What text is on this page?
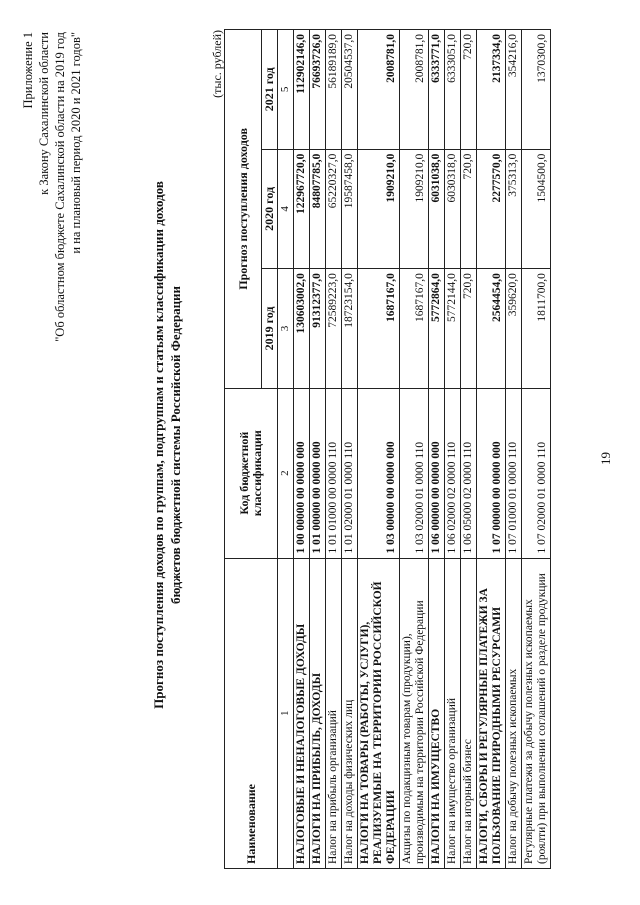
19
Приложение 1 к Закону Сахалинской области "Об областном бюджете Сахалинской области на 2019 год и на плановый период 2020 и 2021 годов"
Прогноз поступления доходов по группам, подгруппам и статьям классификации доходов бюджетов бюджетной системы Российской Федерации
(тыс. рублей)
Наименование	Код бюджетной классификации	Прогноз поступления доходов		
		2019 год	2020 год	2021 год
1	2	3	4	5
НАЛОГОВЫЕ И НЕНАЛОГОВЫЕ ДОХОДЫ	1 00 00000 00 0000 000	130603002,0	122967720,0	112902146,0
НАЛОГИ НА ПРИБЫЛЬ, ДОХОДЫ	1 01 00000 00 0000 000	91312377,0	84807785,0	76693726,0
Налог на прибыль организаций	1 01 01000 00 0000 110	72589223,0	65220327,0	56189189,0
Налог на доходы физических лиц	1 01 02000 01 0000 110	18723154,0	19587458,0	20504537,0
НАЛОГИ НА ТОВАРЫ (РАБОТЫ, УСЛУГИ), РЕАЛИЗУЕМЫЕ НА ТЕРРИТОРИИ РОССИЙСКОЙ ФЕДЕРАЦИИ	1 03 00000 00 0000 000	1687167,0	1909210,0	2008781,0
Акцизы по подакцизным товарам (продукции), производимым на территории Российской Федерации	1 03 02000 01 0000 110	1687167,0	1909210,0	2008781,0
НАЛОГИ НА ИМУЩЕСТВО	1 06 00000 00 0000 000	5772864,0	6031038,0	6333771,0
Налог на имущество организаций	1 06 02000 02 0000 110	5772144,0	6030318,0	6333051,0
Налог на игорный бизнес	1 06 05000 02 0000 110	720,0	720,0	720,0
НАЛОГИ, СБОРЫ И РЕГУЛЯРНЫЕ ПЛАТЕЖИ ЗА ПОЛЬЗОВАНИЕ ПРИРОДНЫМИ РЕСУРСАМИ	1 07 00000 00 0000 000	2564454,0	2277570,0	2137334,0
Налог на добычу полезных ископаемых	1 07 01000 01 0000 110	359620,0	375313,0	354216,0
Регулярные платежи за добычу полезных ископаемых (роялти) при выполнении соглашений о разделе продукции	1 07 02000 01 0000 110	1811700,0	1504500,0	1370300,0
